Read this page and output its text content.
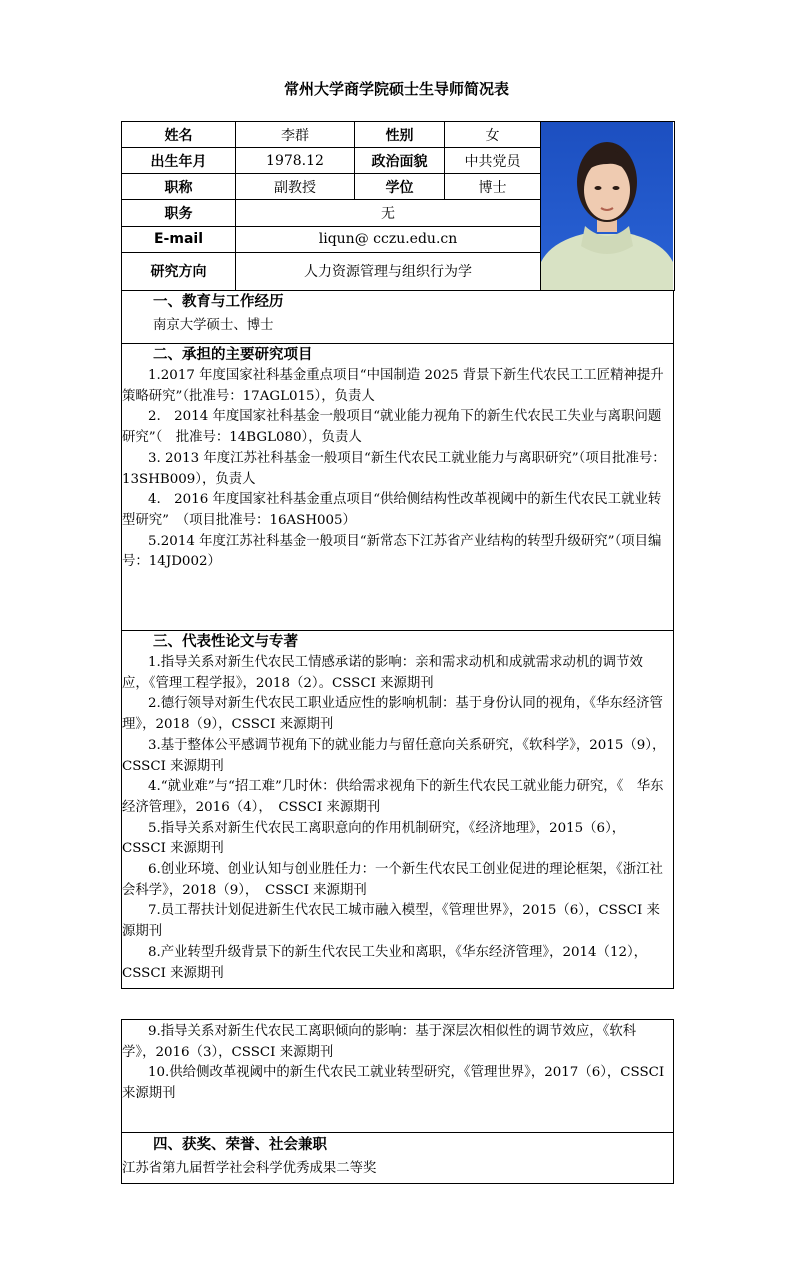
常州大学商学院硕士生导师简况表
姓名	李群	性别	女	

出生年月	1978.12	政治面貌	中共党员	
职称	副教授	学位	博士	
职务	无			
E-mail	liqun@ cczu.edu.cn			
研究方向	人力资源管理与组织行为学			
一、教育与工作经历

南京大学硕士、博士

二、承担的主要研究项目

1.2017 年度国家社科基金重点项目“中国制造 2025 背景下新生代农民工工匠精神提升策略研究”（批准号：17AGL015），负责人

2.　2014 年度国家社科基金一般项目“就业能力视角下的新生代农民工失业与离职问题研究”（　批准号：14BGL080），负责人

3. 2013 年度江苏社科基金一般项目“新生代农民工就业能力与离职研究”（项目批准号：13SHB009），负责人

4.　2016 年度国家社科基金重点项目“供给侧结构性改革视阈中的新生代农民工就业转型研究”　（项目批准号：16ASH005）

5.2014 年度江苏社科基金一般项目“新常态下江苏省产业结构的转型升级研究”（项目编号：14JD002）

三、代表性论文与专著

1.指导关系对新生代农民工情感承诺的影响：亲和需求动机和成就需求动机的调节效应，《管理工程学报》，2018（2）。CSSCI 来源期刊

2.德行领导对新生代农民工职业适应性的影响机制：基于身份认同的视角，《华东经济管理》，2018（9），CSSCI 来源期刊

3.基于整体公平感调节视角下的就业能力与留任意向关系研究，《软科学》，2015（9），CSSCI 来源期刊

4.“就业难”与“招工难”几时休：供给需求视角下的新生代农民工就业能力研究，《　华东经济管理》，2016（4），　CSSCI 来源期刊

5.指导关系对新生代农民工离职意向的作用机制研究，《经济地理》，2015（6），CSSCI 来源期刊

6.创业环境、创业认知与创业胜任力：一个新生代农民工创业促进的理论框架，《浙江社会科学》，2018（9），　CSSCI 来源期刊

7.员工帮扶计划促进新生代农民工城市融入模型，《管理世界》，2015（6），CSSCI 来源期刊

8.产业转型升级背景下的新生代农民工失业和离职，《华东经济管理》，2014（12），CSSCI 来源期刊

9.指导关系对新生代农民工离职倾向的影响：基于深层次相似性的调节效应，《软科学》，2016（3），CSSCI 来源期刊

10.供给侧改革视阈中的新生代农民工就业转型研究，《管理世界》，2017（6），CSSCI 来源期刊

四、获奖、荣誉、社会兼职

江苏省第九届哲学社会科学优秀成果二等奖
